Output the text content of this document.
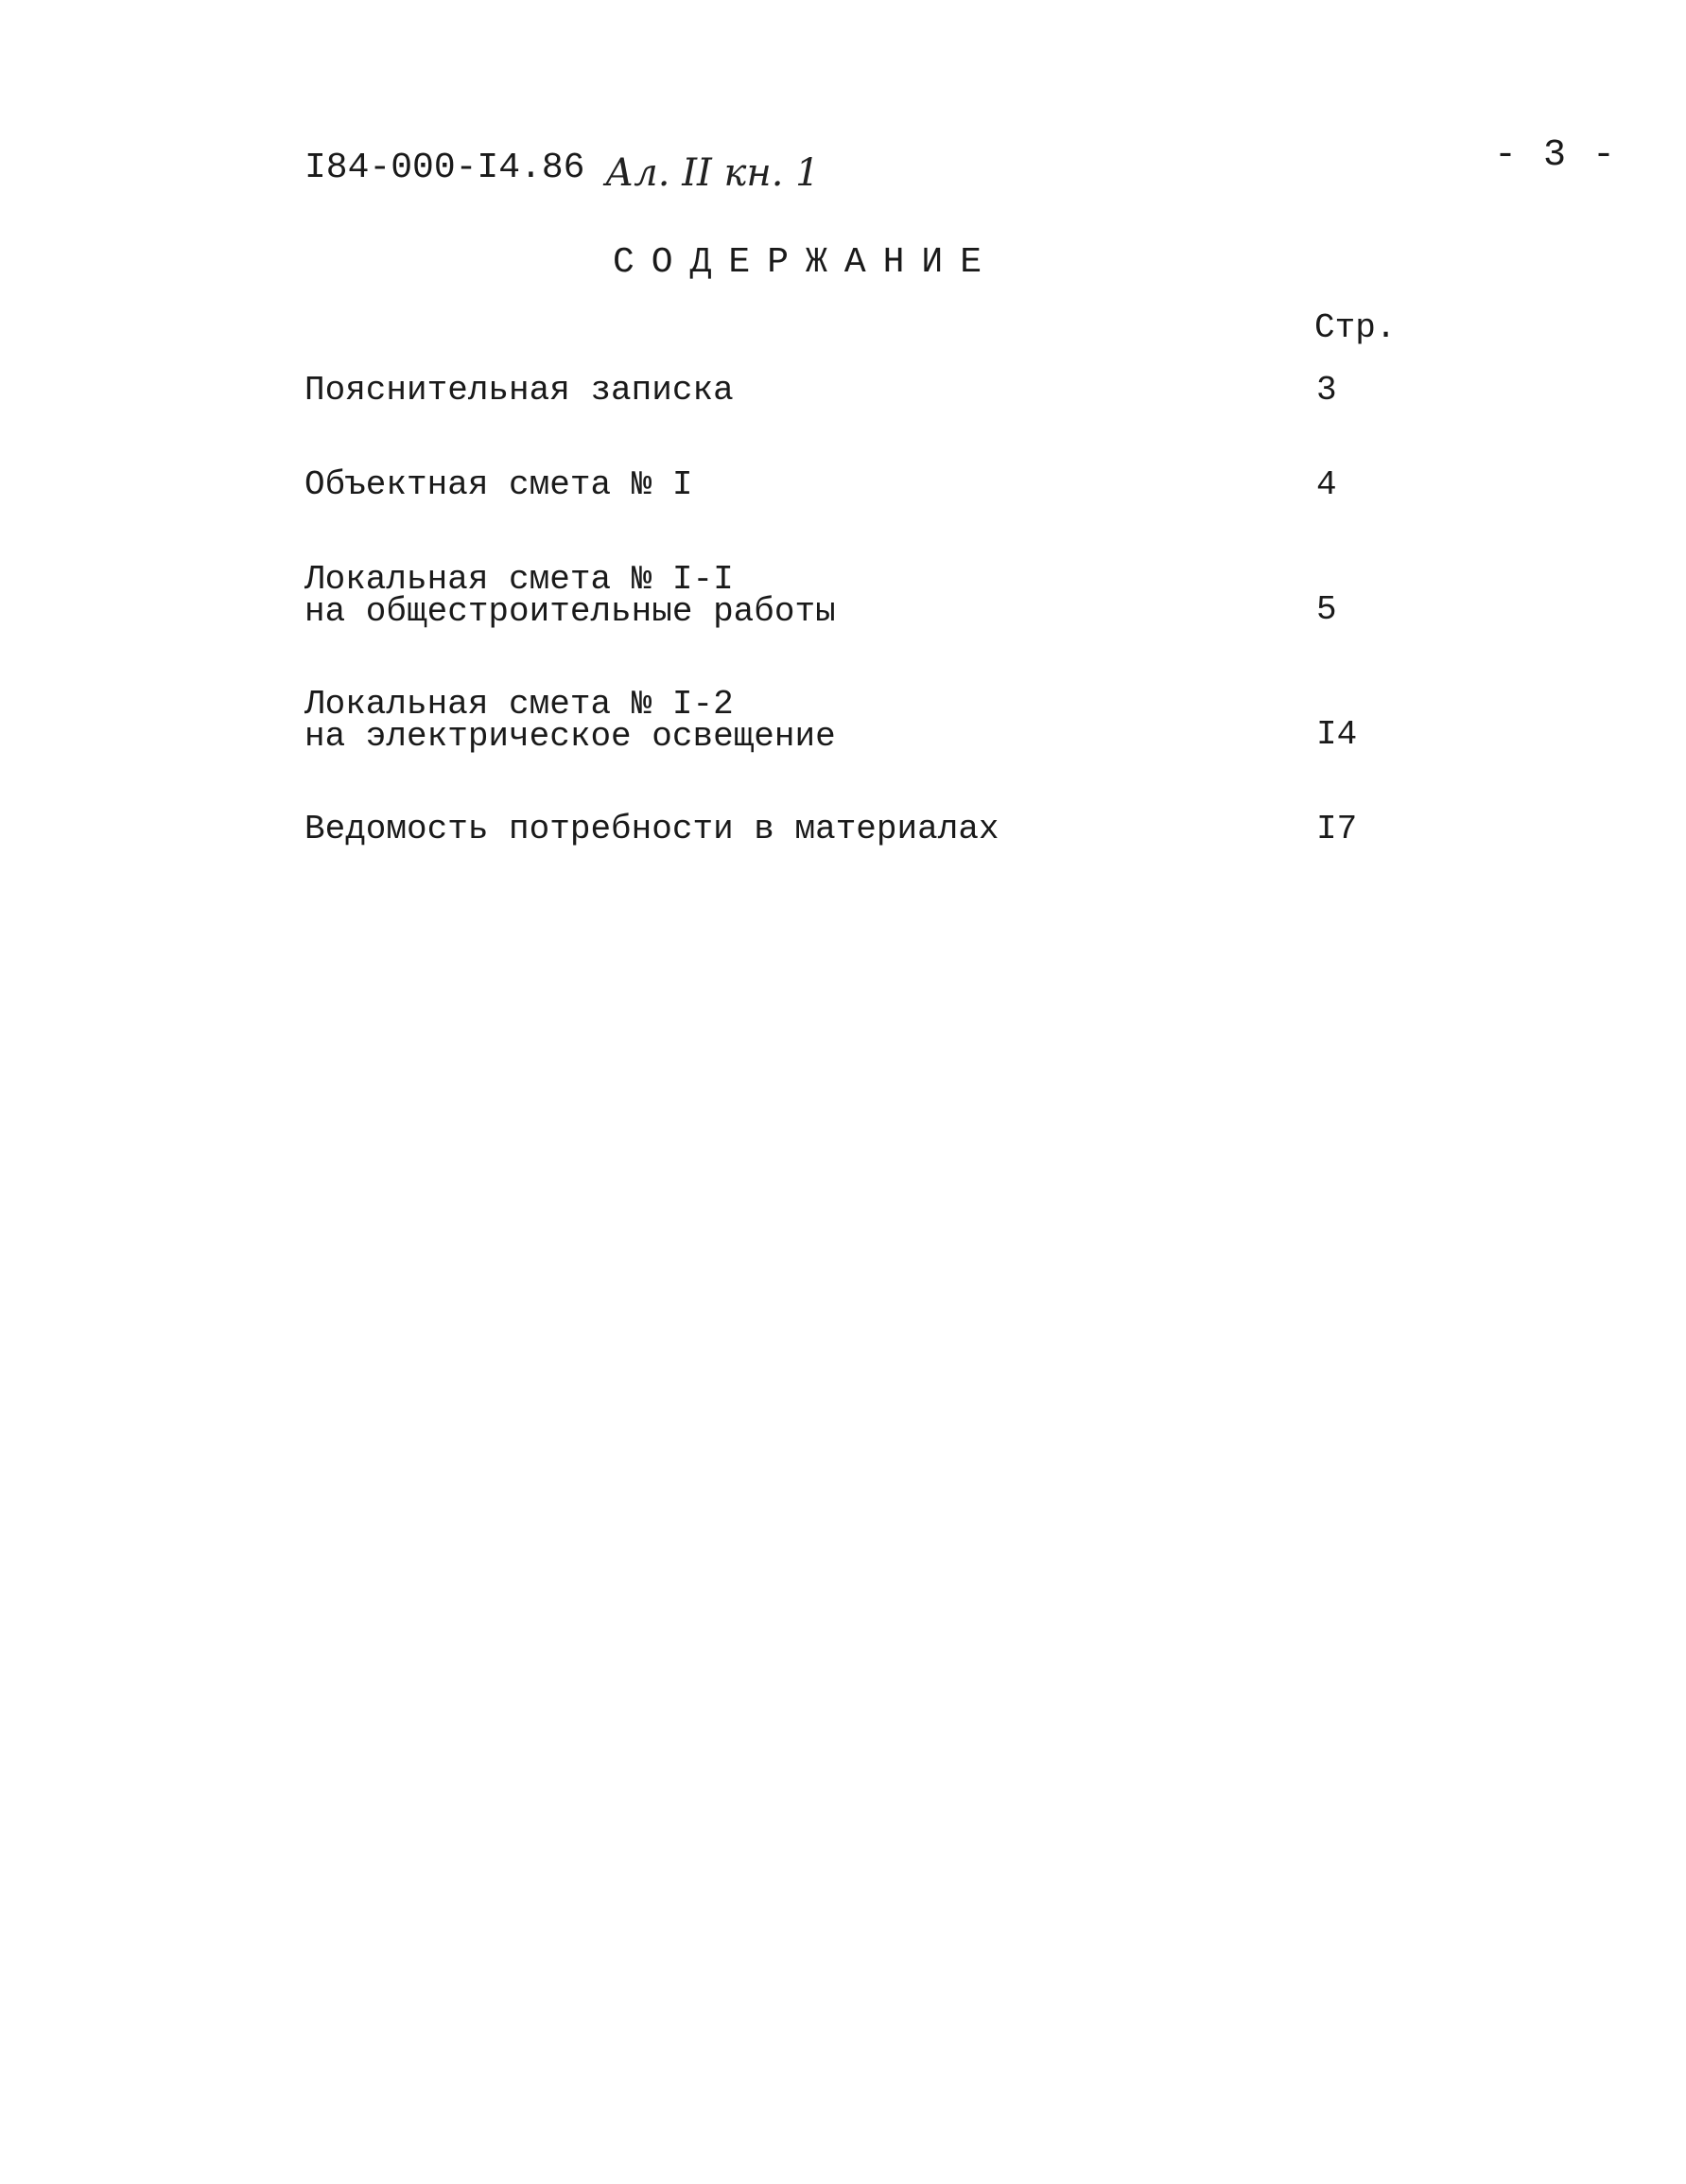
I84-000-I4.86 Ал. II кн. 1	- 3 -
СОДЕРЖАНИЕ
Стр.
Пояснительная записка	3
Объектная смета № I	4
Локальная смета № I-I
на общестроительные работы	5
Локальная смета № I-2
на электрическое освещение	I4
Ведомость потребности в материалах	I7
